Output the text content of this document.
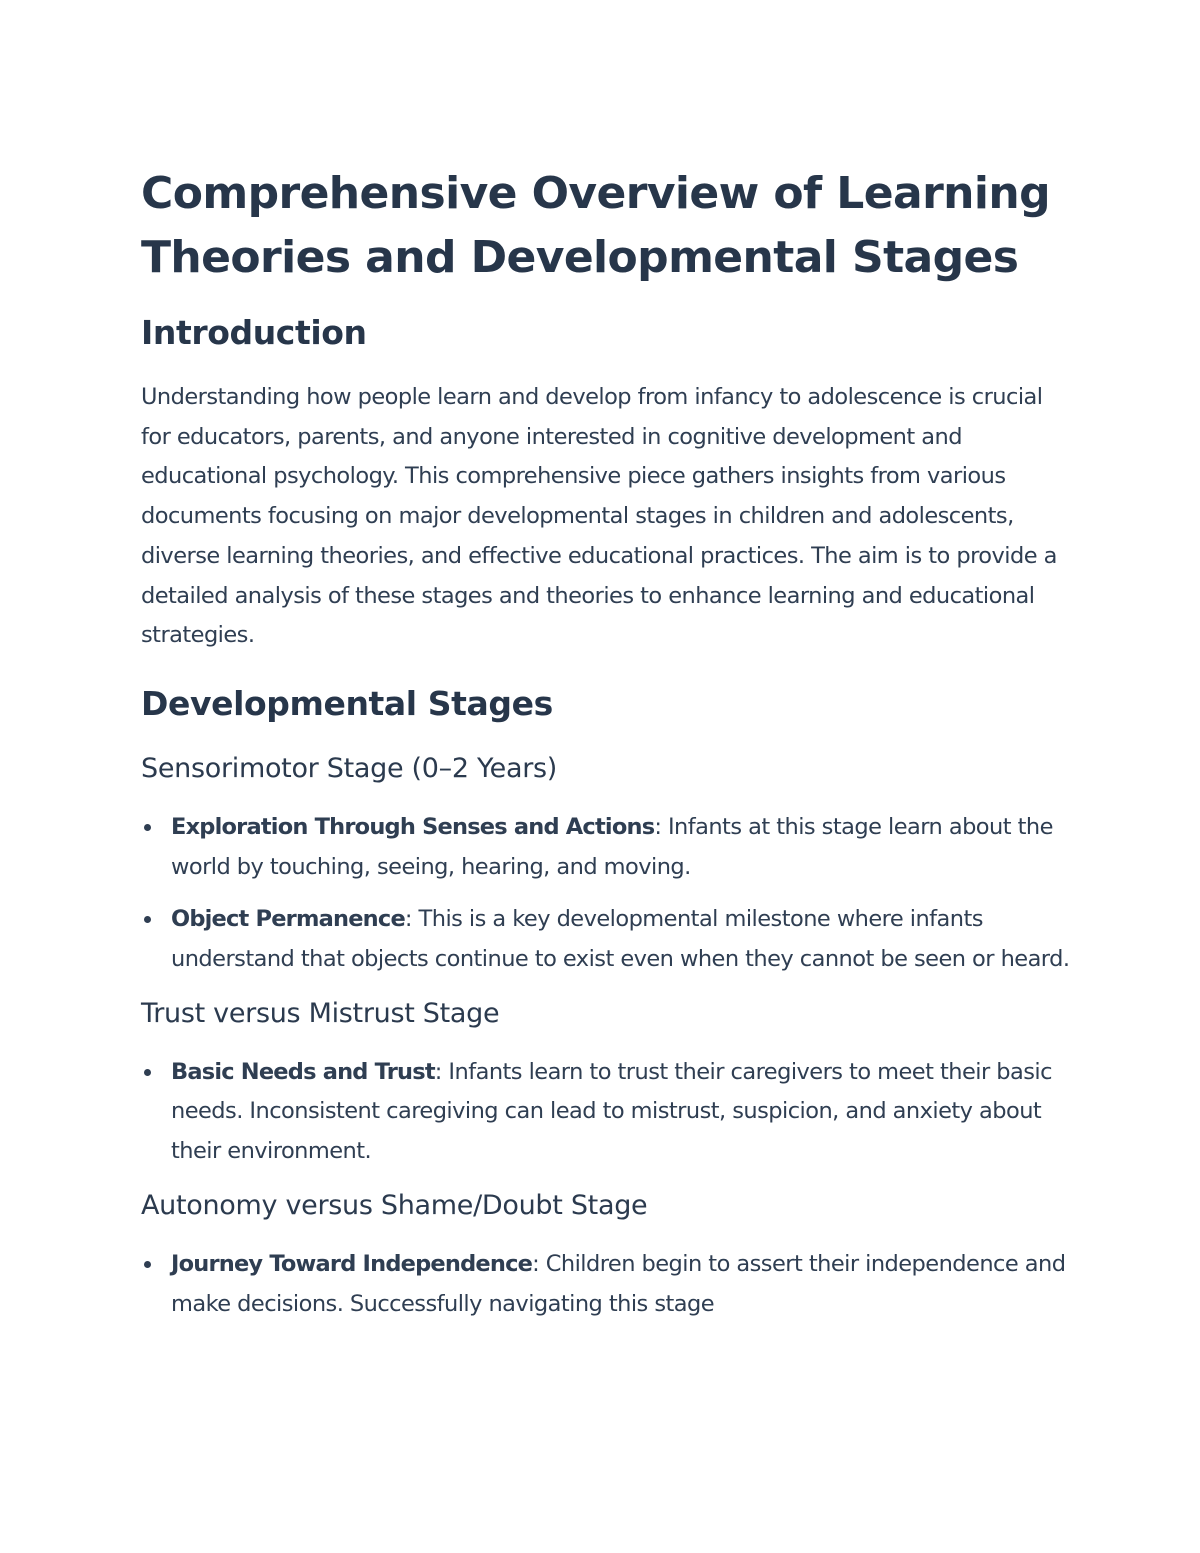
Comprehensive Overview of Learning Theories and Developmental Stages
Introduction

Understanding how people learn and develop from infancy to adolescence is crucial for educators, parents, and anyone interested in cognitive development and educational psychology. This comprehensive piece gathers insights from various documents focusing on major developmental stages in children and adolescents, diverse learning theories, and effective educational practices. The aim is to provide a detailed analysis of these stages and theories to enhance learning and educational strategies.

Developmental Stages
Sensorimotor Stage (0–2 Years)
Exploration Through Senses and Actions: Infants at this stage learn about the world by touching, seeing, hearing, and moving.
Object Permanence: This is a key developmental milestone where infants understand that objects continue to exist even when they cannot be seen or heard.
Trust versus Mistrust Stage
Basic Needs and Trust: Infants learn to trust their caregivers to meet their basic needs. Inconsistent caregiving can lead to mistrust, suspicion, and anxiety about their environment.
Autonomy versus Shame/Doubt Stage
Journey Toward Independence: Children begin to assert their independence and make decisions. Successfully navigating this stage
